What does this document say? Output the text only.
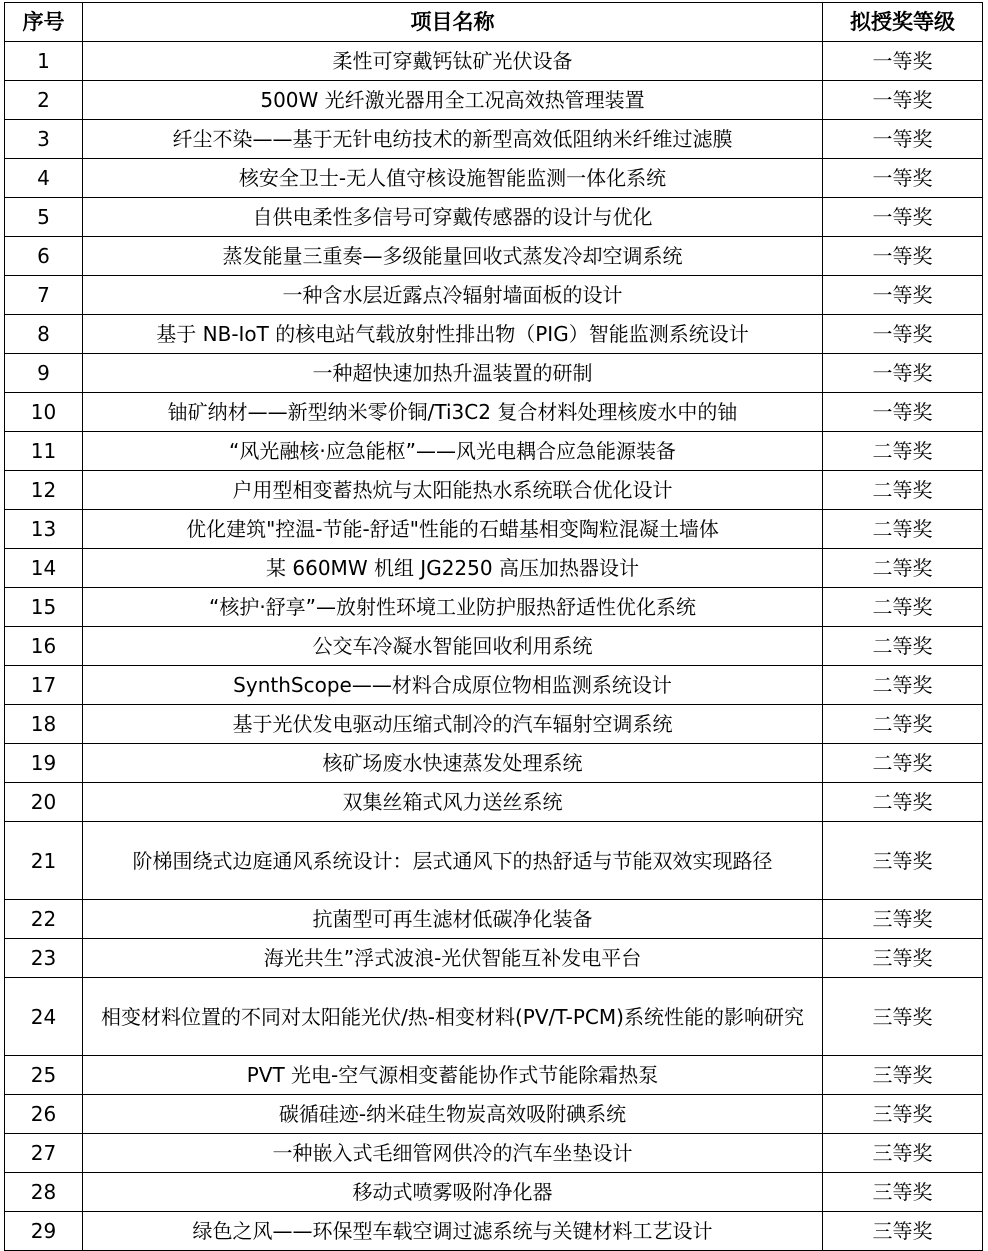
序号	项目名称	拟授奖等级
1	柔性可穿戴钙钛矿光伏设备	一等奖
2	500W 光纤激光器用全工况高效热管理装置	一等奖
3	纤尘不染——基于无针电纺技术的新型高效低阻纳米纤维过滤膜	一等奖
4	核安全卫士-无人值守核设施智能监测一体化系统	一等奖
5	自供电柔性多信号可穿戴传感器的设计与优化	一等奖
6	蒸发能量三重奏—多级能量回收式蒸发冷却空调系统	一等奖
7	一种含水层近露点冷辐射墙面板的设计	一等奖
8	基于 NB-IoT 的核电站气载放射性排出物（PIG）智能监测系统设计	一等奖
9	一种超快速加热升温装置的研制	一等奖
10	铀矿纳材——新型纳米零价铜/Ti3C2 复合材料处理核废水中的铀	一等奖
11	“风光融核·应急能枢”——风光电耦合应急能源装备	二等奖
12	户用型相变蓄热炕与太阳能热水系统联合优化设计	二等奖
13	优化建筑"控温-节能-舒适"性能的石蜡基相变陶粒混凝土墙体	二等奖
14	某 660MW 机组 JG2250 高压加热器设计	二等奖
15	“核护·舒享”—放射性环境工业防护服热舒适性优化系统	二等奖
16	公交车冷凝水智能回收利用系统	二等奖
17	SynthScope——材料合成原位物相监测系统设计	二等奖
18	基于光伏发电驱动压缩式制冷的汽车辐射空调系统	二等奖
19	核矿场废水快速蒸发处理系统	二等奖
20	双集丝箱式风力送丝系统	二等奖
21	阶梯围绕式边庭通风系统设计：层式通风下的热舒适与节能双效实现路径	三等奖
22	抗菌型可再生滤材低碳净化装备	三等奖
23	海光共生”浮式波浪-光伏智能互补发电平台	三等奖
24	相变材料位置的不同对太阳能光伏/热-相变材料(PV/T-PCM)系统性能的影响研究	三等奖
25	PVT 光电-空气源相变蓄能协作式节能除霜热泵	三等奖
26	碳循硅迹-纳米硅生物炭高效吸附碘系统	三等奖
27	一种嵌入式毛细管网供冷的汽车坐垫设计	三等奖
28	移动式喷雾吸附净化器	三等奖
29	绿色之风——环保型车载空调过滤系统与关键材料工艺设计	三等奖
